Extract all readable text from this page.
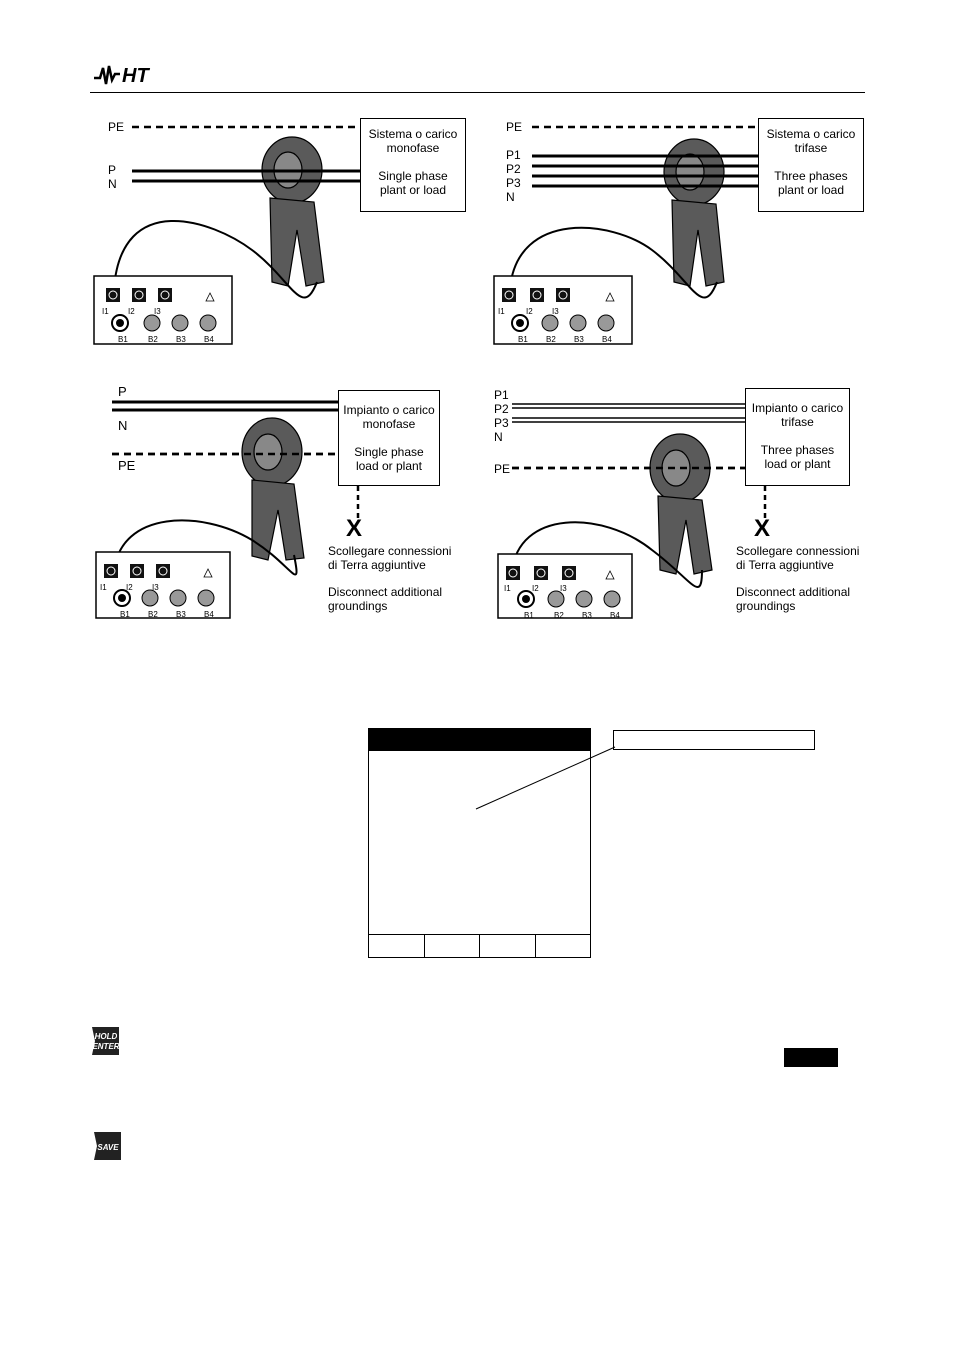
HT
PE
P
N
Sistema o carico
monofase
Single phase
plant or load
I1 I2 I3
B1	B2 B3 B4
PE
P1
P2
P3
N
Sistema o carico
trifase
Three phases
plant or load
I1	I2 I3
B1 B2 B3 B4
P
N
PE
Impianto o carico
monofase
Single phase
load or plant
X
Scollegare connessioni
di Terra aggiuntive
Disconnect additional
groundings
I1 I2 I3
B1 B2 B3 B4
P1
P2
P3
N
PE
Impianto o carico
trifase
Three phases
load or plant
X
Scollegare connessioni
di Terra aggiuntive
Disconnect additional
groundings
I1	I2	I3
B1	B2 B3 B4
HOLD
ENTER
SAVE
